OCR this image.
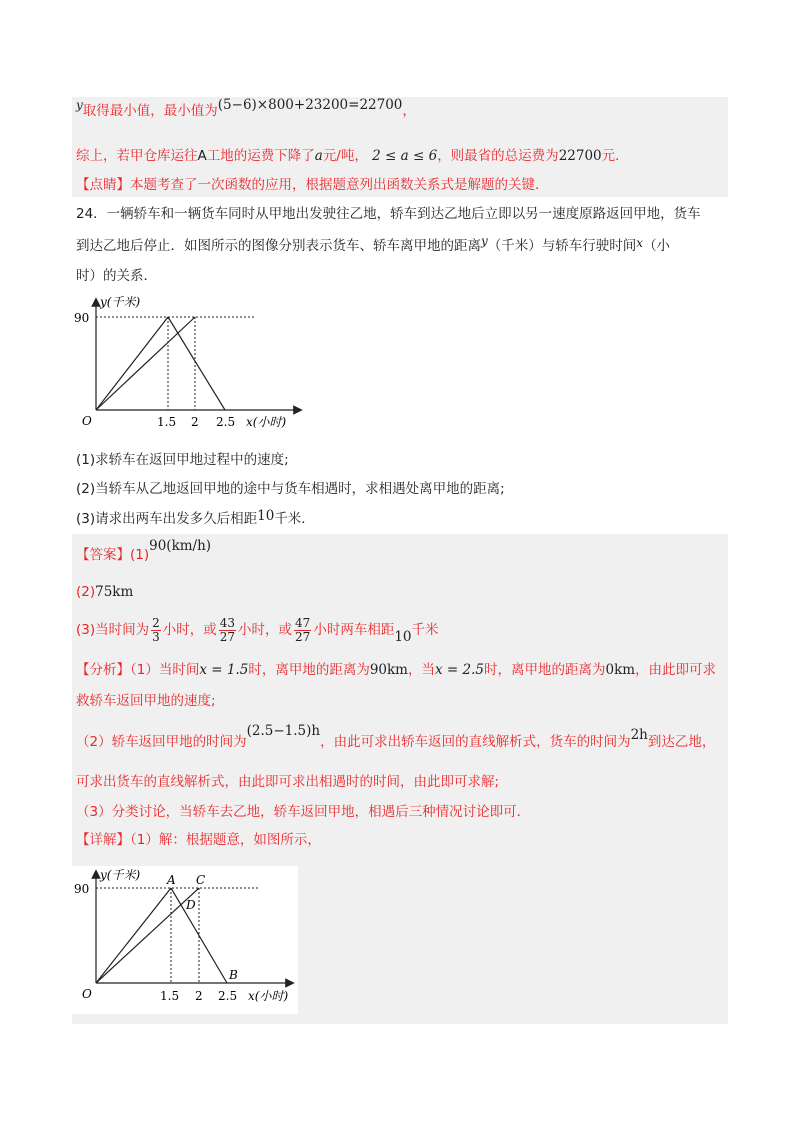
y取得最小值，最小值为(5−6)×800+23200=22700，
综上，若甲仓库运往A工地的运费下降了a元/吨， 2 ≤ a ≤ 6，则最省的总运费为22700元．
【点睛】本题考查了一次函数的应用，根据题意列出函数关系式是解题的关键．
24．一辆轿车和一辆货车同时从甲地出发驶往乙地，轿车到达乙地后立即以另一速度原路返回甲地，货车
到达乙地后停止．如图所示的图像分别表示货车、轿车离甲地的距离y（千米）与轿车行驶时间x（小
时）的关系．
y(千米)
90
O	1.5 2 2.5 x(小时)
(1)求轿车在返回甲地过程中的速度;
(2)当轿车从乙地返回甲地的途中与货车相遇时，求相遇处离甲地的距离;
(3)请求出两车出发多久后相距10千米．
【答案】(1)90(km/h)
(2)75km
(3)当时间为 $\frac{2}{3}$ 小时，或 $\frac{43}{27}$ 小时，或 $\frac{47}{27}$ 小时两车相距10千米
【分析】（1）当时间x = 1.5时，离甲地的距离为90km，当x = 2.5时，离甲地的距离为0km，由此即可求
救轿车返回甲地的速度;
（2）轿车返回甲地的时间为(2.5−1.5)h，由此可求出轿车返回的直线解析式，货车的时间为2h到达乙地，
可求出货车的直线解析式，由此即可求出相遇时的时间，由此即可求解;
（3）分类讨论，当轿车去乙地，轿车返回甲地，相遇后三种情况讨论即可．
【详解】（1）解：根据题意，如图所示，
y(千米)
90
O	1.5 2 2.5 x(小时)
A C
D
B
